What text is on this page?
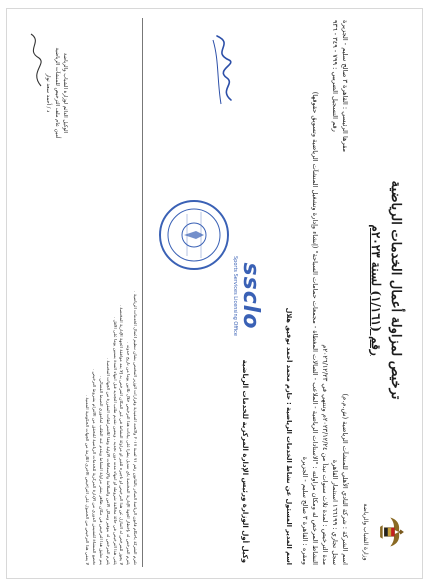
وزارة الشباب والرياضة
ترخيص لمزاولة أعمال الخدمات الرياضية
رقم (١/١٦١) لسنة ٢٠٢٣م
اسم الشركة : شركة النادي الأهلي للمنشآت الرياضية (ش.م.م)
مقرها الرئيسي : القاهرة ٣ صالح سليم - الجزيرة
سجل تجاري : ١٦٦١٩٩ استثمار القاهرة
رقم التسجيل الضريبي : ٧٩٩ - ٣٤٩ - ٩٣٦
مدة الترخيص : لمدة ثلاث سنوات تبدأ من ٢٠٢٣/١٢/٢٤م وتنتهي في ٢٠٢٦/١٢/٢٣م
النشاط المرخص له ومكان مزاولته : "الاستادات الرياضية - الملاعب - الصالات المغطاة - مجمعات حمامات السباحة" (إنشاء وإدارة وتشغيل المنشآت الرياضية وتسويق حقوقها)
ومقره : القاهرة ٣ صالح سليم - الجزيرة
اسم المدير المسئول عن نشاط الخدمات الرياضية : حازم محمد أحمد توفيق هلال
وكيل أول الوزارة ورئيس الإدارة المركزية للخدمات الرياضية
ssclo
Sports Services Licensing Office
تلتزم الشركة بأحكام قانون الرياضة الصادر بالقانون رقم ٧١ لسنة ٢٠١٧ ولائحته التنفيذية وقرارات الوزير المختص بشأن تنظيم أعمال الخدمات الرياضية .
يلتزم المرخص له بإخطار الجهة الإدارية المختصة بأي تعديل يطرأ على بيانات هذا الترخيص خلال ثلاثين يوماً من تاريخ حدوثه .
لا يجوز للمرخص له التنازل عن هذا الترخيص أو تأجيره للغير أو مزاولة النشاط في غير المكان المرخص به إلا بعد موافقة الجهة الإدارية المختصة .
يلغى هذا الترخيص في حالة مخالفة شروطه أو انتهاء مدته دون تجديد ، ويتعين تقديم طلب التجديد قبل انتهاء المدة بستين يوماً على الأقل .
يلتزم المرخص له بتوفير وسائل الأمن والسلامة والإسعافات الأولية وفقاً للاشتراطات المقررة من الجهات المختصة .
يتم تعليق هذا الترخيص في مكان ظاهر بمقر مزاولة النشاط ويقدم عند الطلب لمأموري الضبط القضائي .
تخضع المنشأة للتفتيش الدوري من الإدارة المركزية للخدمات الرياضية للتحقق من الالتزام بشروط الترخيص .
لا يعفي هذا الترخيص من الحصول على التراخيص الأخرى اللازمة من الجهات الحكومية المعنية .
الوكيل الدائم لوزارة الشباب والرياضة
أمين عام ملف الترخيص للمنشآت الرياضية
د / أحمد سعد نوار
